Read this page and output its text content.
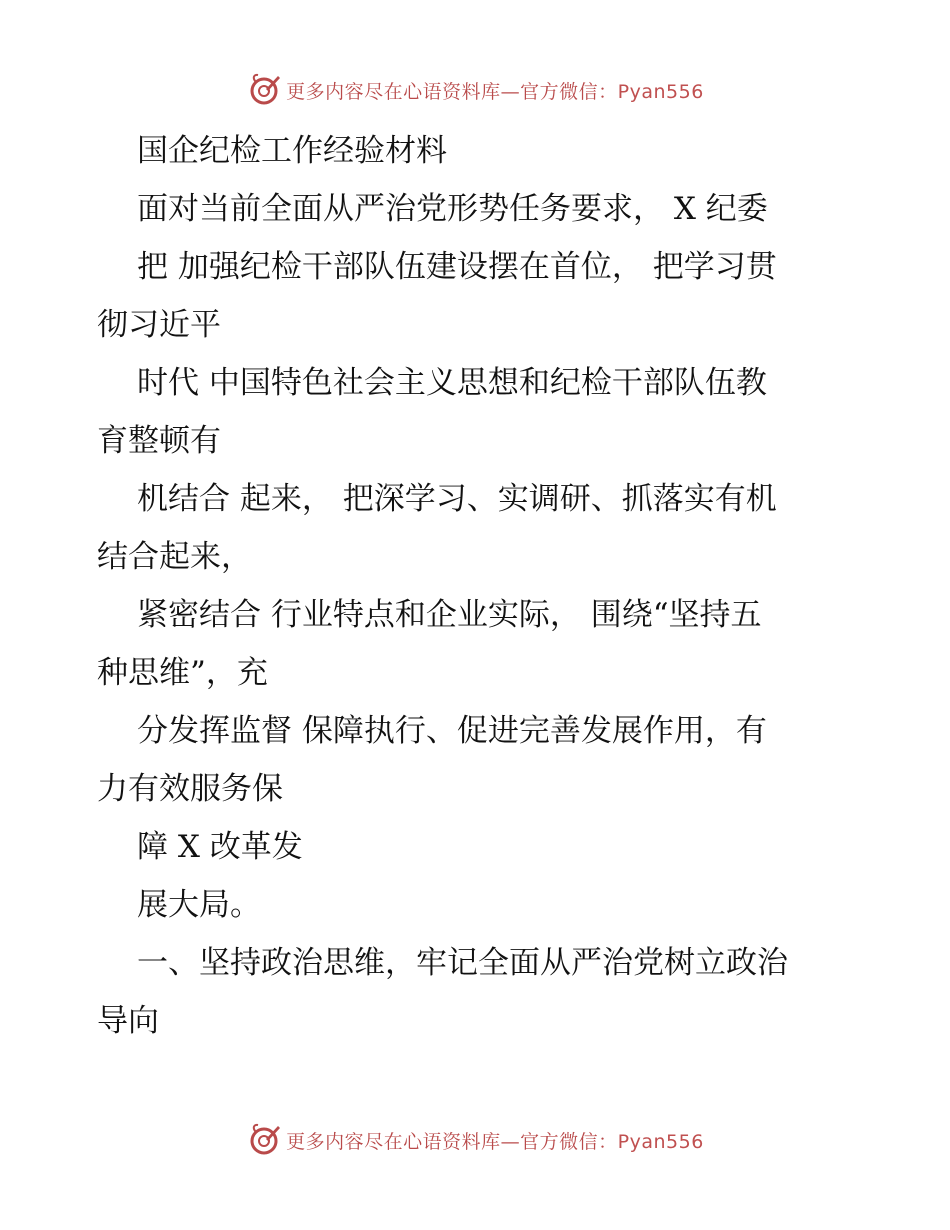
更多内容尽在心语资料库—官方微信：Pyan556
国企纪检工作经验材料
面对当前全面从严治党形势任务要求， X 纪委
把 加强纪检干部队伍建设摆在首位， 把学习贯
彻习近平
时代 中国特色社会主义思想和纪检干部队伍教
育整顿有
机结合 起来， 把深学习、实调研、抓落实有机
结合起来，
紧密结合 行业特点和企业实际， 围绕“坚持五
种思维”，充
分发挥监督 保障执行、促进完善发展作用，有
力有效服务保
障 X 改革发
展大局。
一、坚持政治思维，牢记全面从严治党树立政治
导向
更多内容尽在心语资料库—官方微信：Pyan556
